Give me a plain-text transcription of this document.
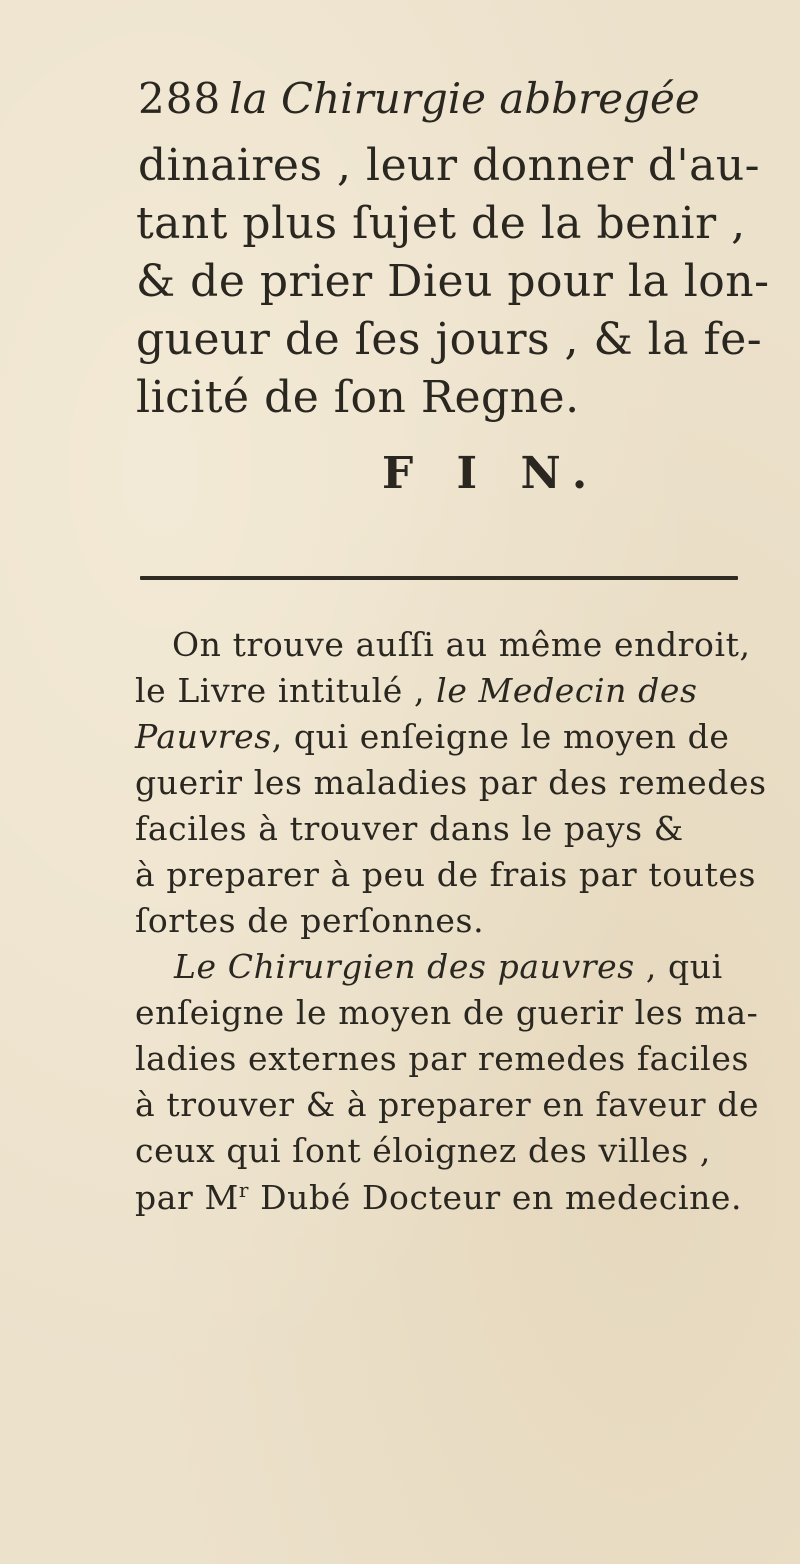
288 la Chirurgie abbregée
dinaires , leur donner d'au-
tant plus ſujet de la benir ,
& de prier Dieu pour la lon-
gueur de ſes jours , & la fe-
licité de ſon Regne.
F I N.
On trouve auſſi au même endroit,
le Livre intitulé , le Medecin des
Pauvres, qui enſeigne le moyen de
guerir les maladies par des remedes
faciles à trouver dans le pays &
à preparer à peu de frais par toutes
ſortes de perſonnes.
Le Chirurgien des pauvres , qui
enſeigne le moyen de guerir les ma-
ladies externes par remedes faciles
à trouver & à preparer en faveur de
ceux qui ſont éloignez des villes ,
par $M^r$ Dubé Docteur en medecine.
